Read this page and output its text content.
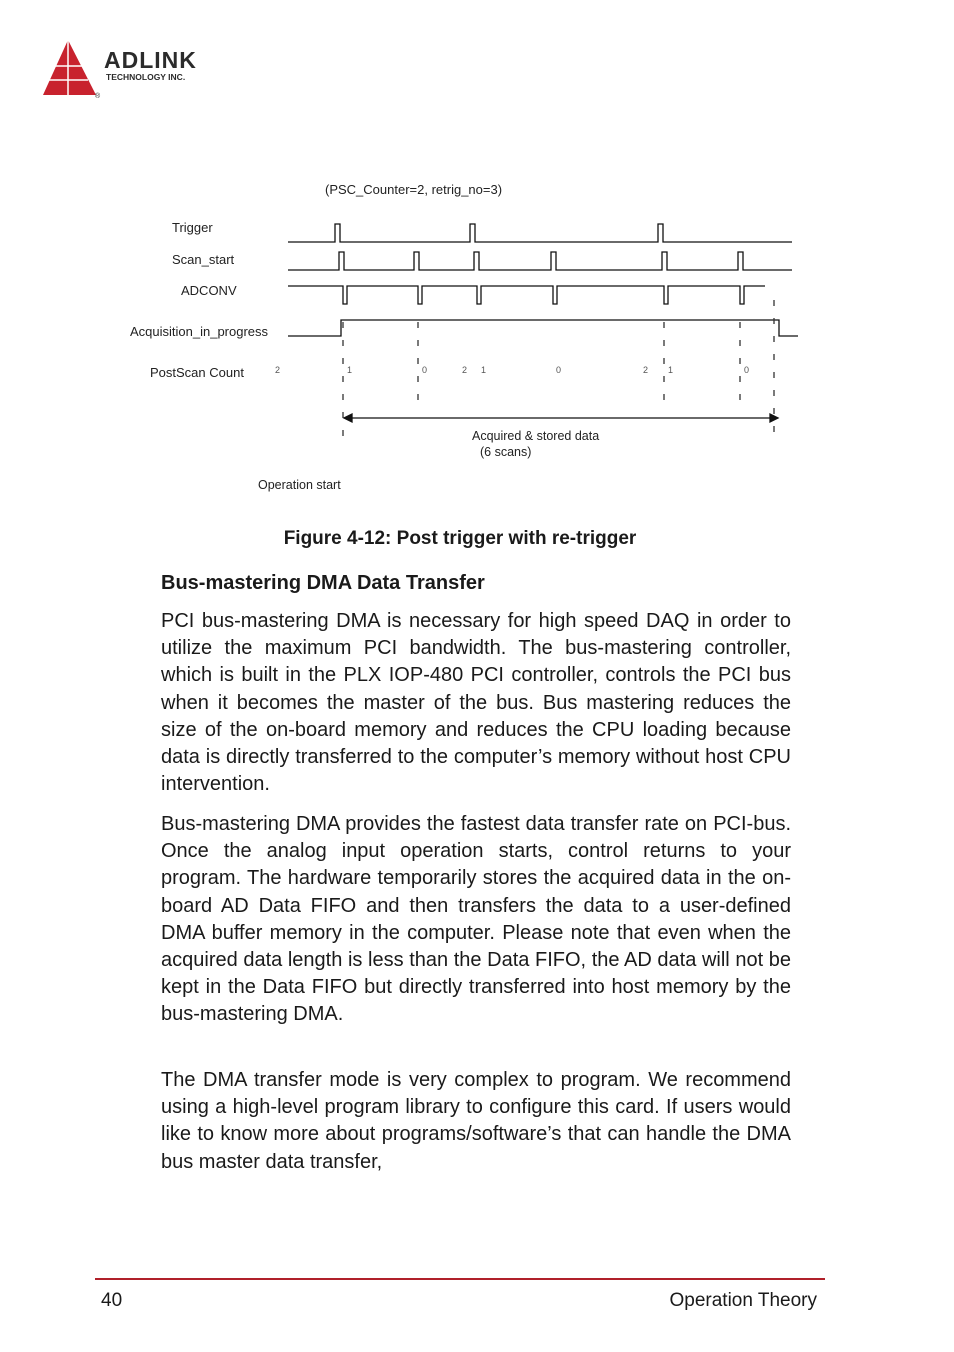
ADLINK
TECHNOLOGY INC.
®
(PSC_Counter=2, retrig_no=3)
Trigger
Scan_start
ADCONV
Acquisition_in_progress
PostScan Count	2	1	0	2 1	0	2 1	0
Acquired & stored data
(6 scans)
Operation start
Figure 4-12: Post trigger with re-trigger
Bus-mastering DMA Data Transfer

PCI bus-mastering DMA is necessary for high speed DAQ in order to utilize the maximum PCI bandwidth. The bus-mastering controller, which is built in the PLX IOP-480 PCI controller, controls the PCI bus when it becomes the master of the bus. Bus mastering reduces the size of the on-board memory and reduces the CPU loading because data is directly transferred to the computer’s memory without host CPU intervention.

Bus-mastering DMA provides the fastest data transfer rate on PCI-bus. Once the analog input operation starts, control returns to your program. The hardware temporarily stores the acquired data in the on-board AD Data FIFO and then transfers the data to a user-defined DMA buffer memory in the computer. Please note that even when the acquired data length is less than the Data FIFO, the AD data will not be kept in the Data FIFO but directly transferred into host memory by the bus-mastering DMA.

The DMA transfer mode is very complex to program. We recommend using a high-level program library to configure this card. If users would like to know more about programs/software’s that can handle the DMA bus master data transfer,

40	Operation Theory
